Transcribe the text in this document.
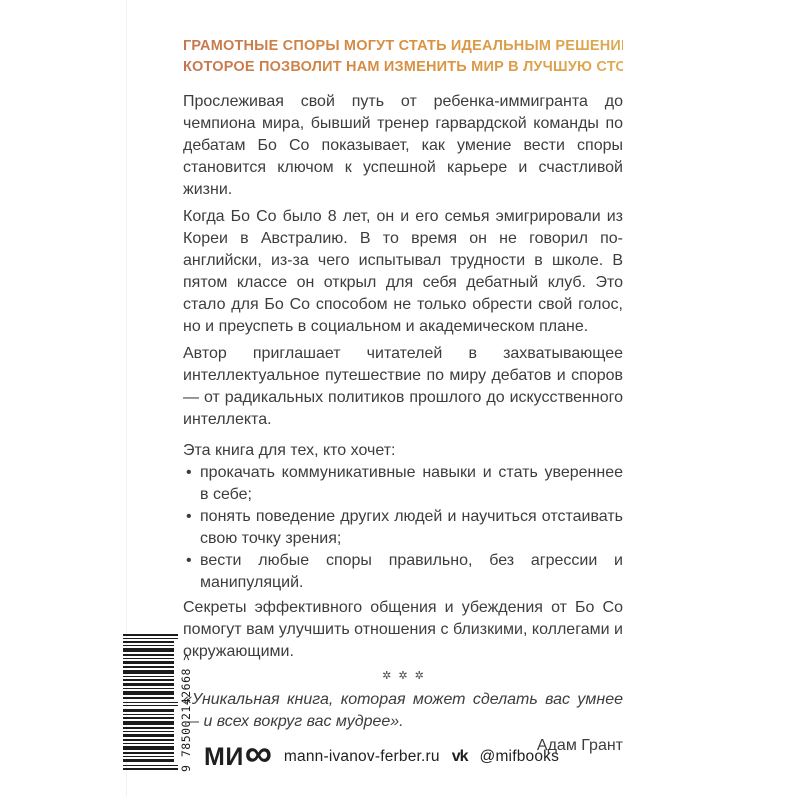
ГРАМОТНЫЕ СПОРЫ МОГУТ СТАТЬ ИДЕАЛЬНЫМ РЕШЕНИЕМ,
КОТОРОЕ ПОЗВОЛИТ НАМ ИЗМЕНИТЬ МИР В ЛУЧШУЮ СТОРОНУ

Прослеживая свой путь от ребенка-иммигранта до чемпиона мира, бывший тренер гарвардской команды по дебатам Бо Со показывает, как умение вести споры становится ключом к успешной карьере и счастливой жизни.

Когда Бо Со было 8 лет, он и его семья эмигрировали из Кореи в Австралию. В то время он не говорил по-английски, из-за чего испытывал трудности в школе. В пятом классе он открыл для себя дебатный клуб. Это стало для Бо Со способом не только обрести свой голос, но и преуспеть в социальном и академическом плане.

Автор приглашает читателей в захватывающее интеллектуальное путешествие по миру дебатов и споров — от радикальных политиков прошлого до искусственного интеллекта.

Эта книга для тех, кто хочет:

• прокачать коммуникативные навыки и стать увереннее в себе;
• понять поведение других людей и научиться отстаивать свою точку зрения;
• вести любые споры правильно, без агрессии и манипуляций.

Секреты эффективного общения и убеждения от Бо Со помогут вам улучшить отношения с близкими, коллегами и окружающими.

✲✲✲

«Уникальная книга, которая может сделать вас умнее — и всех вокруг вас мудрее».

Адам Грант

9 785002142668 > МИ ∞ mann-ivanov-ferber.ru vk @mifbooks
